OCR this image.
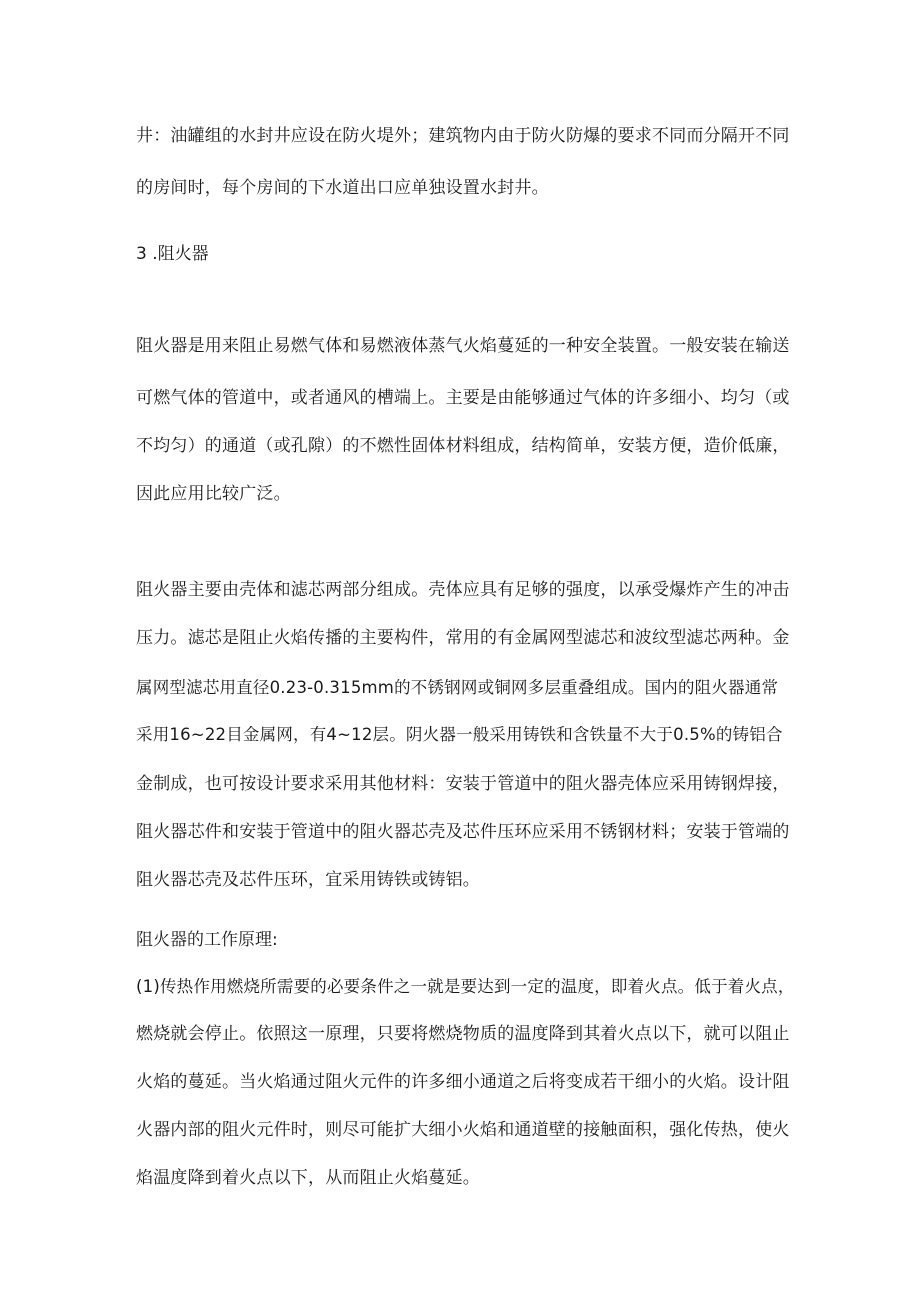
井：油罐组的水封井应设在防火堤外；建筑物内由于防火防爆的要求不同而分隔开不同
的房间时，每个房间的下水道出口应单独设置水封井。
3 .阻火器
阻火器是用来阻止易燃气体和易燃液体蒸气火焰蔓延的一种安全装置。一般安装在输送
可燃气体的管道中，或者通风的槽端上。主要是由能够通过气体的许多细小、均匀（或
不均匀）的通道（或孔隙）的不燃性固体材料组成，结构简单，安装方便，造价低廉，
因此应用比较广泛。
阻火器主要由壳体和滤芯两部分组成。壳体应具有足够的强度，以承受爆炸产生的冲击
压力。滤芯是阻止火焰传播的主要构件，常用的有金属网型滤芯和波纹型滤芯两种。金
属网型滤芯用直径0.23-0.315mm的不锈钢网或铜网多层重叠组成。国内的阻火器通常
采用16~22目金属网，有4~12层。阴火器一般采用铸铁和含铁量不大于0.5%的铸铝合
金制成，也可按设计要求采用其他材料：安装于管道中的阻火器壳体应采用铸钢焊接，
阻火器芯件和安装于管道中的阻火器芯壳及芯件压环应采用不锈钢材料；安装于管端的
阻火器芯壳及芯件压环，宜采用铸铁或铸铝。
阻火器的工作原理:
(1)传热作用燃烧所需要的必要条件之一就是要达到一定的温度，即着火点。低于着火点，
燃烧就会停止。依照这一原理，只要将燃烧物质的温度降到其着火点以下，就可以阻止
火焰的蔓延。当火焰通过阻火元件的许多细小通道之后将变成若干细小的火焰。设计阻
火器内部的阻火元件时，则尽可能扩大细小火焰和通道壁的接触面积，强化传热，使火
焰温度降到着火点以下，从而阻止火焰蔓延。
